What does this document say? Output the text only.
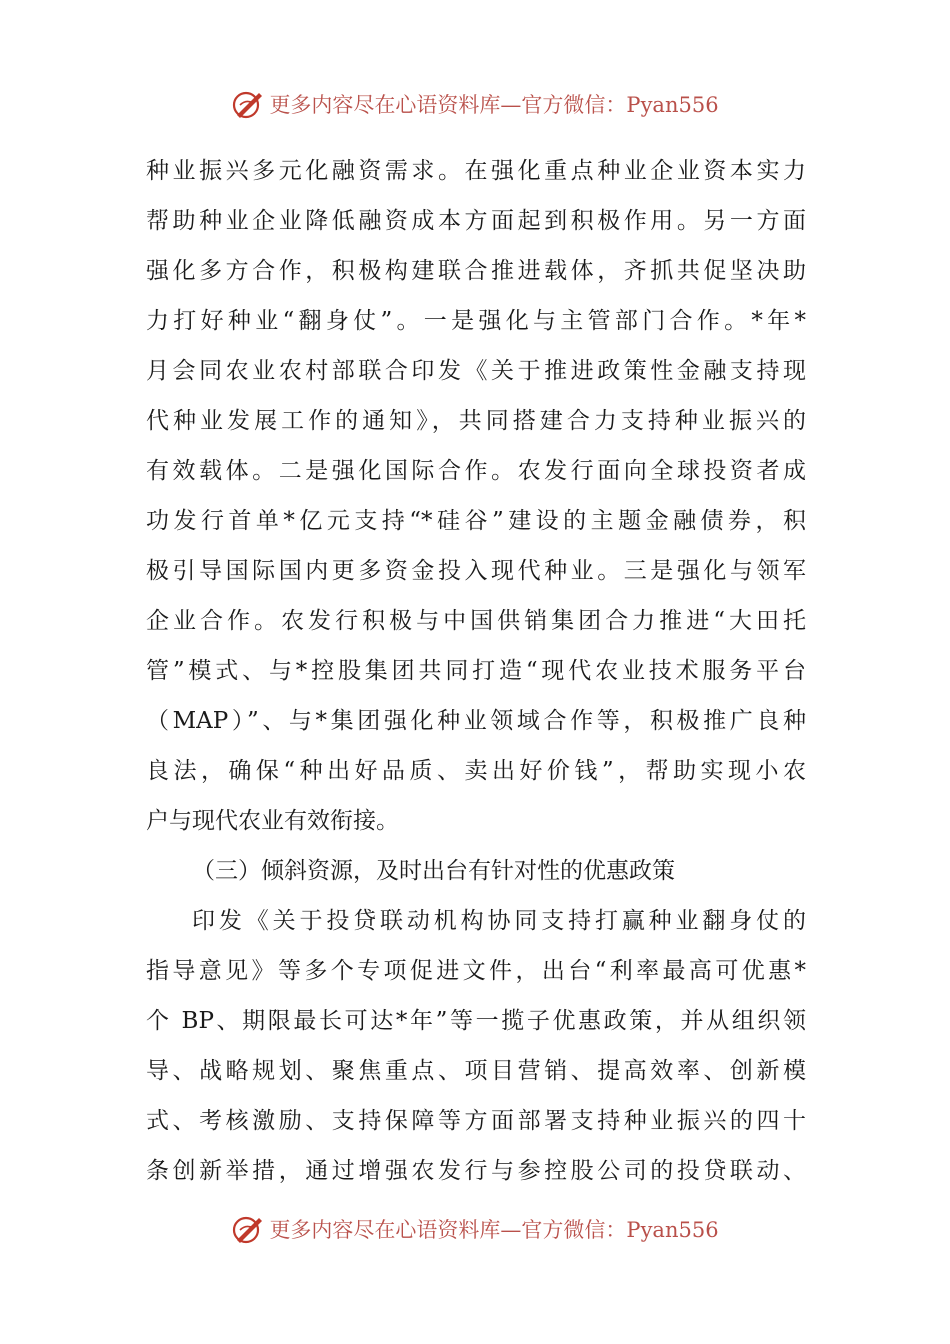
更多内容尽在心语资料库—官方微信：Pyan556
种业振兴多元化融资需求。在强化重点种业企业资本实力
帮助种业企业降低融资成本方面起到积极作用。另一方面
强化多方合作，积极构建联合推进载体，齐抓共促坚决助
力打好种业“翻身仗”。一是强化与主管部门合作。*年*
月会同农业农村部联合印发《关于推进政策性金融支持现
代种业发展工作的通知》，共同搭建合力支持种业振兴的
有效载体。二是强化国际合作。农发行面向全球投资者成
功发行首单*亿元支持“*硅谷”建设的主题金融债券，积
极引导国际国内更多资金投入现代种业。三是强化与领军
企业合作。农发行积极与中国供销集团合力推进“大田托
管”模式、与*控股集团共同打造“现代农业技术服务平台
（MAP）”、与*集团强化种业领域合作等，积极推广良种
良法，确保“种出好品质、卖出好价钱”，帮助实现小农
户与现代农业有效衔接。
（三）倾斜资源，及时出台有针对性的优惠政策
印发《关于投贷联动机构协同支持打赢种业翻身仗的
指导意见》等多个专项促进文件，出台“利率最高可优惠*
个 BP、期限最长可达*年”等一揽子优惠政策，并从组织领
导、战略规划、聚焦重点、项目营销、提高效率、创新模
式、考核激励、支持保障等方面部署支持种业振兴的四十
条创新举措，通过增强农发行与参控股公司的投贷联动、
更多内容尽在心语资料库—官方微信：Pyan556
